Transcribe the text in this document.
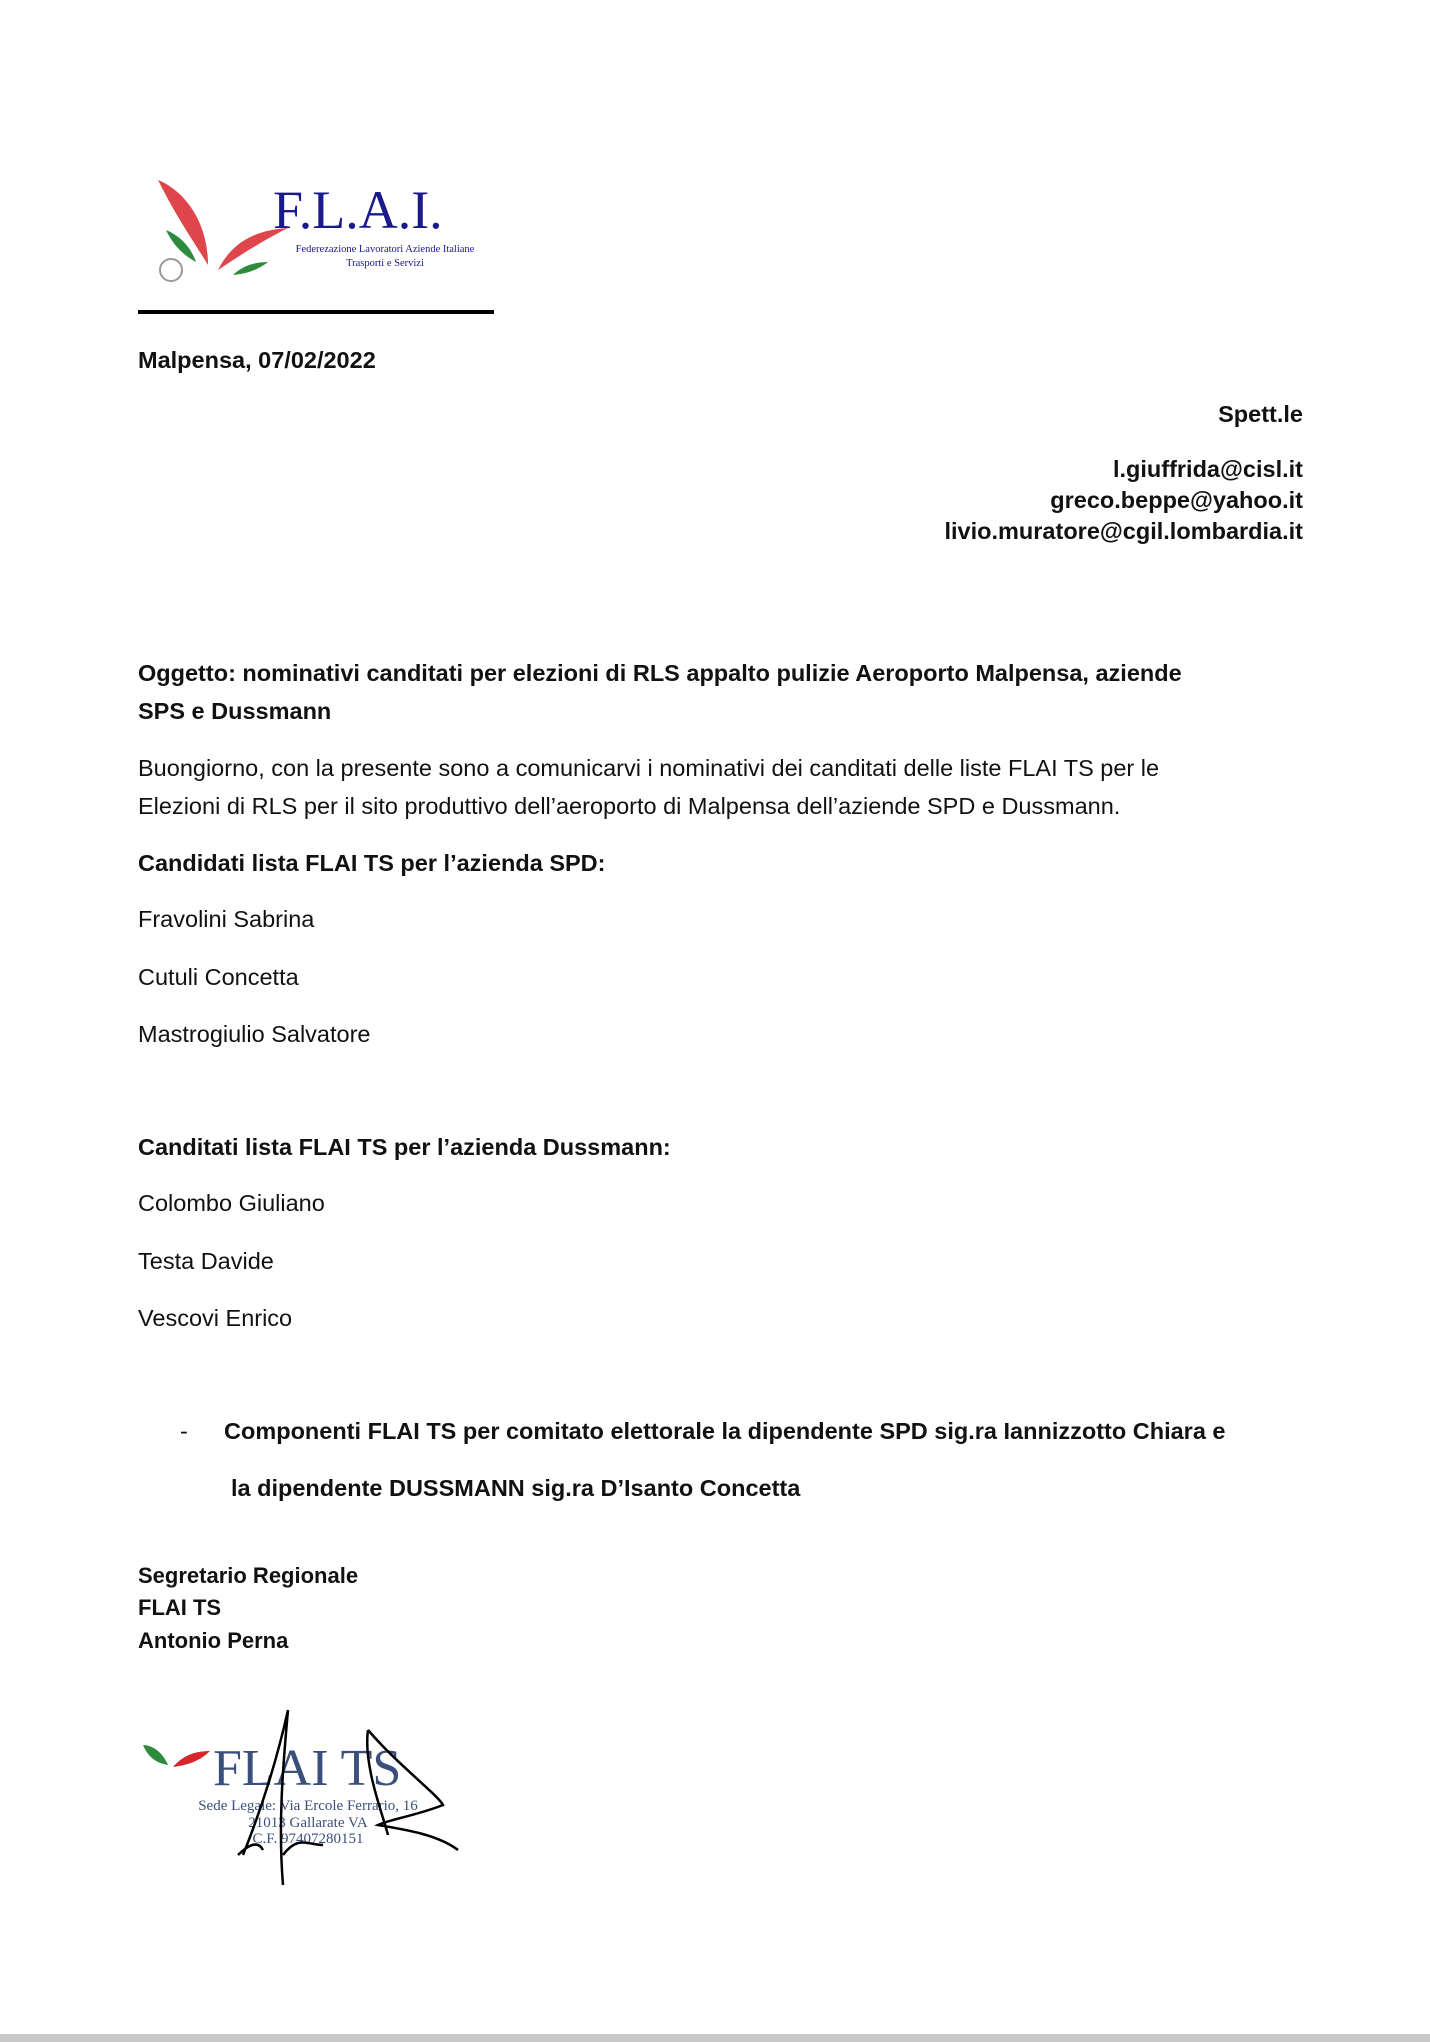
F.L.A.I.
Federezazione Lavoratori Aziende Italiane
Trasporti e Servizi
Malpensa, 07/02/2022
Spett.le
l.giuffrida@cisl.it
greco.beppe@yahoo.it
livio.muratore@cgil.lombardia.it
Oggetto: nominativi canditati per elezioni di RLS appalto pulizie Aeroporto Malpensa, aziende
SPS e Dussmann
Buongiorno, con la presente sono a comunicarvi i nominativi dei canditati delle liste FLAI TS per le
Elezioni di RLS per il sito produttivo dell’aeroporto di Malpensa dell’aziende SPD e Dussmann.
Candidati lista FLAI TS per l’azienda SPD:
Fravolini Sabrina
Cutuli Concetta
Mastrogiulio Salvatore
Canditati lista FLAI TS per l’azienda Dussmann:
Colombo Giuliano
Testa Davide
Vescovi Enrico
- Componenti FLAI TS per comitato elettorale la dipendente SPD sig.ra Iannizzotto Chiara e
la dipendente DUSSMANN sig.ra D’Isanto Concetta
Segretario Regionale
FLAI TS
Antonio Perna
FLAI TS
Sede Legale: Via Ercole Ferrario, 16
21013 Gallarate VA
C.F. 97407280151
